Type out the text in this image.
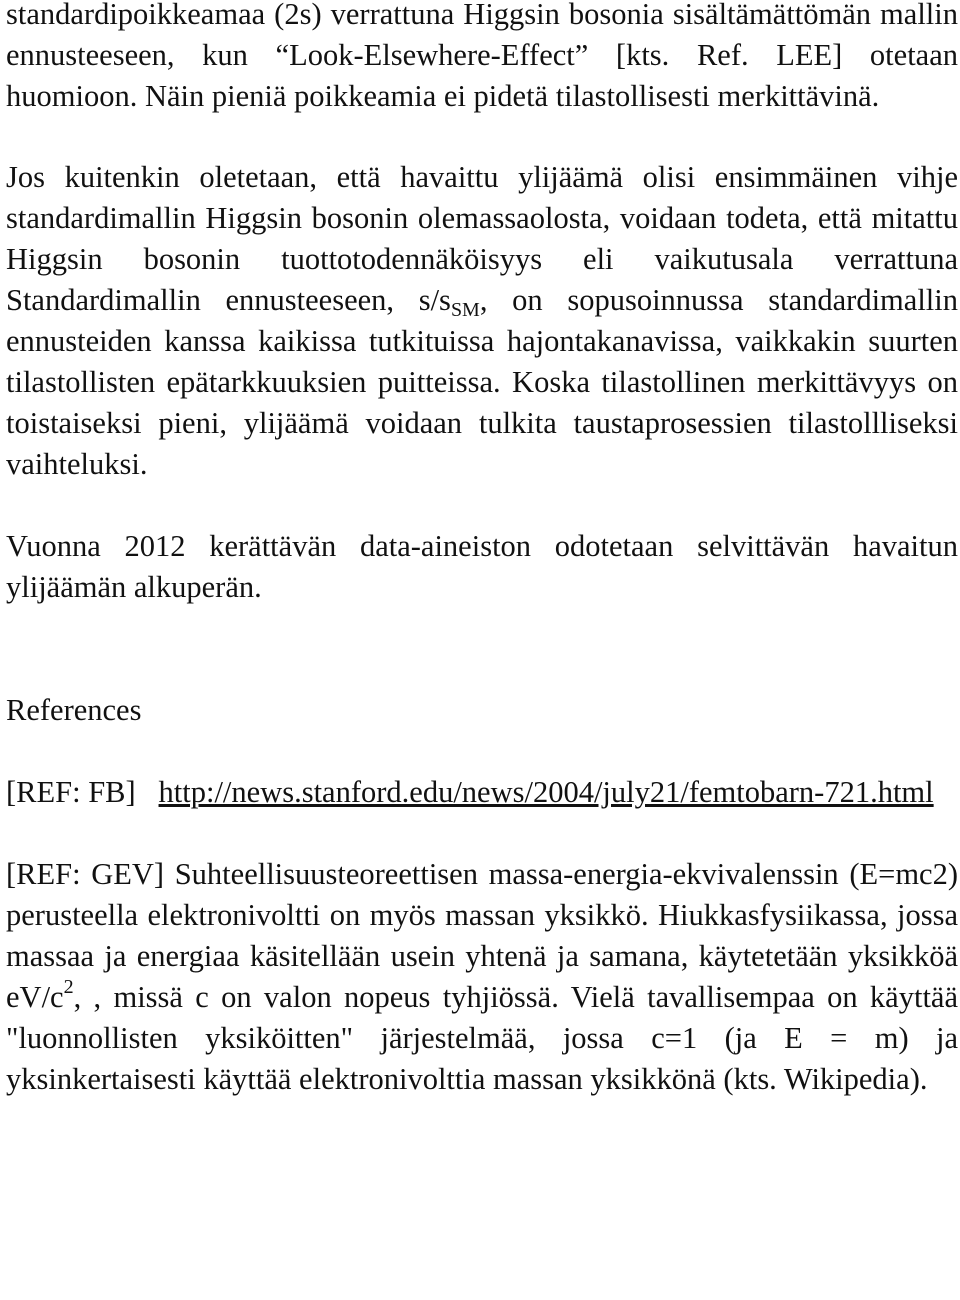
standardipoikkeamaa (2s) verrattuna Higgsin bosonia sisältämättömän mallin ennusteeseen, kun “Look-Elsewhere-Effect” [kts. Ref. LEE] otetaan huomioon. Näin pieniä poikkeamia ei pidetä tilastollisesti merkittävinä.

Jos kuitenkin oletetaan, että havaittu ylijäämä olisi ensimmäinen vihje standardimallin Higgsin bosonin olemassaolosta, voidaan todeta, että mitattu Higgsin bosonin tuottotodennäköisyys eli vaikutusala verrattuna Standardimallin ennusteeseen, $s/s_{SM}$, on sopusoinnussa standardimallin ennusteiden kanssa kaikissa tutkituissa hajontakanavissa, vaikkakin suurten tilastollisten epätarkkuuksien puitteissa. Koska tilastollinen merkittävyys on toistaiseksi pieni, ylijäämä voidaan tulkita taustaprosessien tilastollliseksi vaihteluksi.

Vuonna 2012 kerättävän data-aineiston odotetaan selvittävän havaitun ylijäämän alkuperän.

References

[REF: FB] http://news.stanford.edu/news/2004/july21/femtobarn-721.html

[REF: GEV] Suhteellisuusteoreettisen massa-energia-ekvivalenssin (E=mc2) perusteella elektronivoltti on myös massan yksikkö. Hiukkasfysiikassa, jossa massaa ja energiaa käsitellään usein yhtenä ja samana, käytetetään yksikköä $eV/c^2$, , missä c on valon nopeus tyhjiössä. Vielä tavallisempaa on käyttää "luonnollisten yksiköitten" järjestelmää, jossa c=1 (ja E = m) ja yksinkertaisesti käyttää elektronivolttia massan yksikkönä (kts. Wikipedia).
